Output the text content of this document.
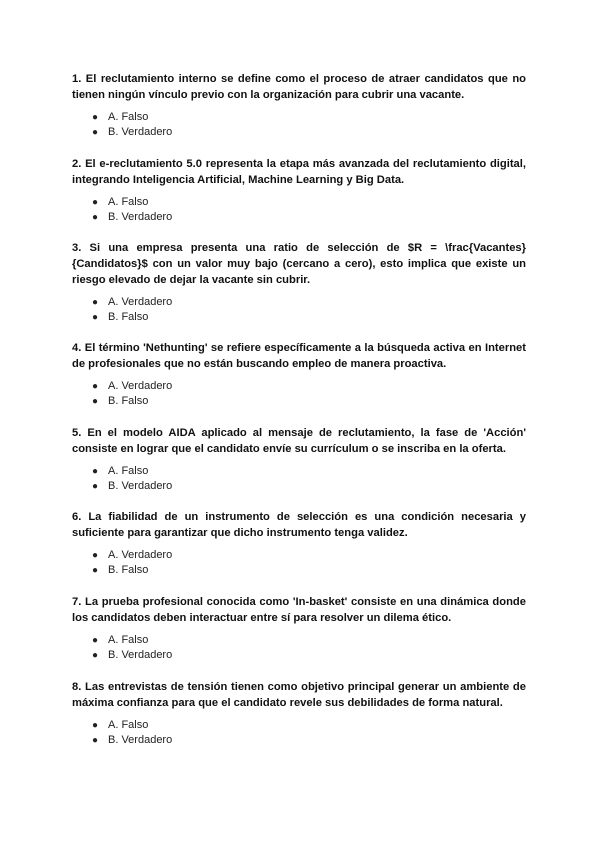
1. El reclutamiento interno se define como el proceso de atraer candidatos que no tienen ningún vínculo previo con la organización para cubrir una vacante.

● A. Falso
● B. Verdadero

2. El e-reclutamiento 5.0 representa la etapa más avanzada del reclutamiento digital, integrando Inteligencia Artificial, Machine Learning y Big Data.

● A. Falso
● B. Verdadero

3. Si una empresa presenta una ratio de selección de $R = \frac{Vacantes}{Candidatos}$ con un valor muy bajo (cercano a cero), esto implica que existe un riesgo elevado de dejar la vacante sin cubrir.

● A. Verdadero
● B. Falso

4. El término 'Nethunting' se refiere específicamente a la búsqueda activa en Internet de profesionales que no están buscando empleo de manera proactiva.

● A. Verdadero
● B. Falso

5. En el modelo AIDA aplicado al mensaje de reclutamiento, la fase de 'Acción' consiste en lograr que el candidato envíe su currículum o se inscriba en la oferta.

● A. Falso
● B. Verdadero

6. La fiabilidad de un instrumento de selección es una condición necesaria y suficiente para garantizar que dicho instrumento tenga validez.

● A. Verdadero
● B. Falso

7. La prueba profesional conocida como 'In-basket' consiste en una dinámica donde los candidatos deben interactuar entre sí para resolver un dilema ético.

● A. Falso
● B. Verdadero

8. Las entrevistas de tensión tienen como objetivo principal generar un ambiente de máxima confianza para que el candidato revele sus debilidades de forma natural.

● A. Falso
● B. Verdadero
